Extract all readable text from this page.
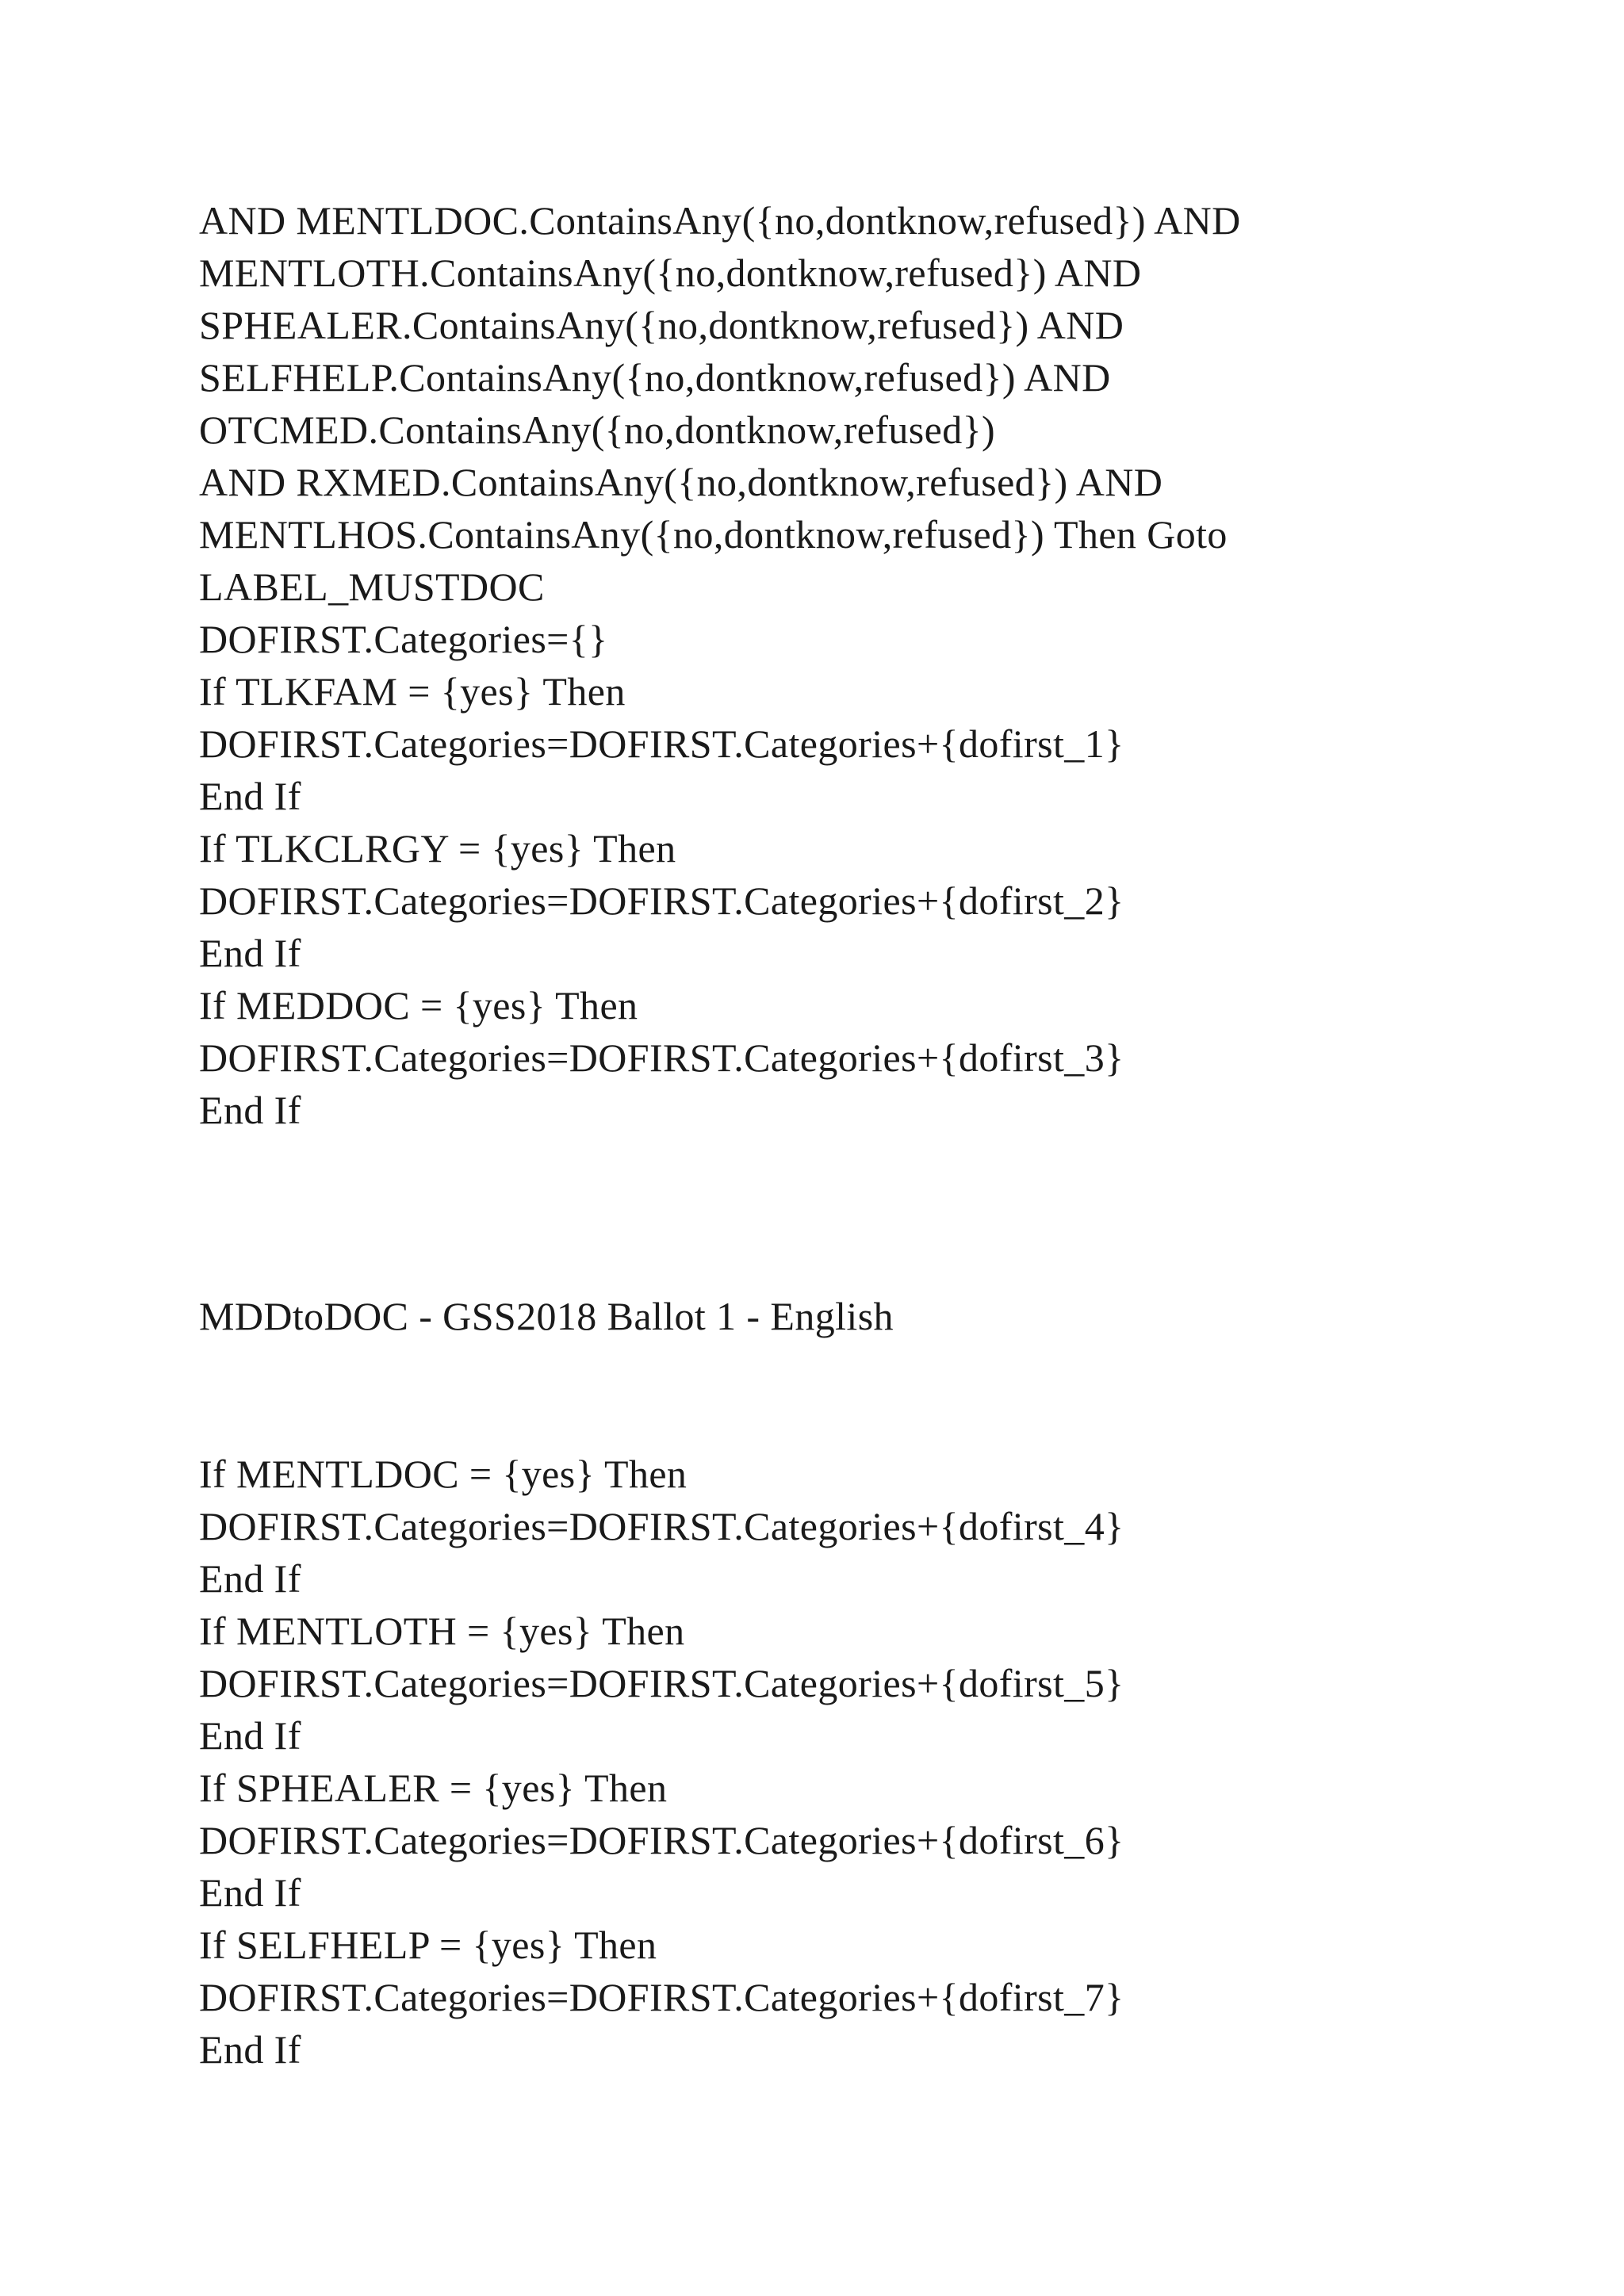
AND MENTLDOC.ContainsAny({no,dontknow,refused}) AND
MENTLOTH.ContainsAny({no,dontknow,refused}) AND
SPHEALER.ContainsAny({no,dontknow,refused}) AND
SELFHELP.ContainsAny({no,dontknow,refused}) AND
OTCMED.ContainsAny({no,dontknow,refused})
AND RXMED.ContainsAny({no,dontknow,refused}) AND
MENTLHOS.ContainsAny({no,dontknow,refused}) Then Goto
LABEL_MUSTDOC
DOFIRST.Categories={}
If TLKFAM = {yes} Then
DOFIRST.Categories=DOFIRST.Categories+{dofirst_1}
End If
If TLKCLRGY = {yes} Then
DOFIRST.Categories=DOFIRST.Categories+{dofirst_2}
End If
If MEDDOC = {yes} Then
DOFIRST.Categories=DOFIRST.Categories+{dofirst_3}
End If
MDDtoDOC - GSS2018 Ballot 1 - English
If MENTLDOC = {yes} Then
DOFIRST.Categories=DOFIRST.Categories+{dofirst_4}
End If
If MENTLOTH = {yes} Then
DOFIRST.Categories=DOFIRST.Categories+{dofirst_5}
End If
If SPHEALER = {yes} Then
DOFIRST.Categories=DOFIRST.Categories+{dofirst_6}
End If
If SELFHELP = {yes} Then
DOFIRST.Categories=DOFIRST.Categories+{dofirst_7}
End If
